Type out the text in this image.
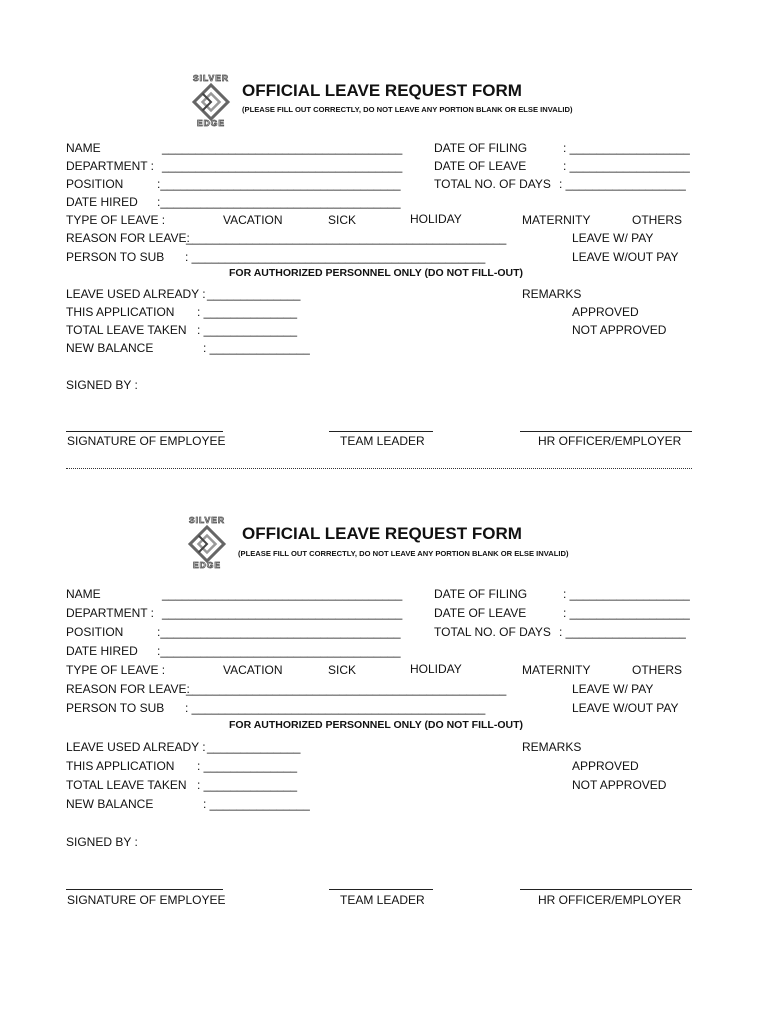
SILVER
EDGE
OFFICIAL LEAVE REQUEST FORM
(PLEASE FILL OUT CORRECTLY, DO NOT LEAVE ANY PORTION BLANK OR ELSE INVALID)
NAME	____________________________________
DEPARTMENT : ____________________________________
POSITION	:____________________________________
DATE HIRED :____________________________________
DATE OF FILING	: __________________
DATE OF LEAVE	: __________________
TOTAL NO. OF DAYS : __________________
TYPE OF LEAVE :	VACATION	SICK	HOLIDAY	MATERNITY	OTHERS
REASON FOR LEAVE:
________________________________________________	LEAVE W/ PAY
PERSON TO SUB : ____________________________________________	LEAVE W/OUT PAY
FOR AUTHORIZED PERSONNEL ONLY (DO NOT FILL-OUT)
LEAVE USED ALREADY : ______________
THIS APPLICATION : ______________
TOTAL LEAVE TAKEN : ______________
NEW BALANCE	: _______________
REMARKS
APPROVED
NOT APPROVED
SIGNED BY :
SIGNATURE OF EMPLOYEE	TEAM LEADER	HR OFFICER/EMPLOYER
SILVER
EDGE
OFFICIAL LEAVE REQUEST FORM
(PLEASE FILL OUT CORRECTLY, DO NOT LEAVE ANY PORTION BLANK OR ELSE INVALID)
NAME	____________________________________
DEPARTMENT : ____________________________________
POSITION	:____________________________________
DATE HIRED :____________________________________
DATE OF FILING	: __________________
DATE OF LEAVE	: __________________
TOTAL NO. OF DAYS : __________________
TYPE OF LEAVE :	VACATION	SICK	HOLIDAY	MATERNITY	OTHERS
REASON FOR LEAVE:
________________________________________________	LEAVE W/ PAY
PERSON TO SUB : ____________________________________________	LEAVE W/OUT PAY
FOR AUTHORIZED PERSONNEL ONLY (DO NOT FILL-OUT)
LEAVE USED ALREADY : ______________
THIS APPLICATION : ______________
TOTAL LEAVE TAKEN : ______________
NEW BALANCE	: _______________
REMARKS
APPROVED
NOT APPROVED
SIGNED BY :
SIGNATURE OF EMPLOYEE	TEAM LEADER	HR OFFICER/EMPLOYER
